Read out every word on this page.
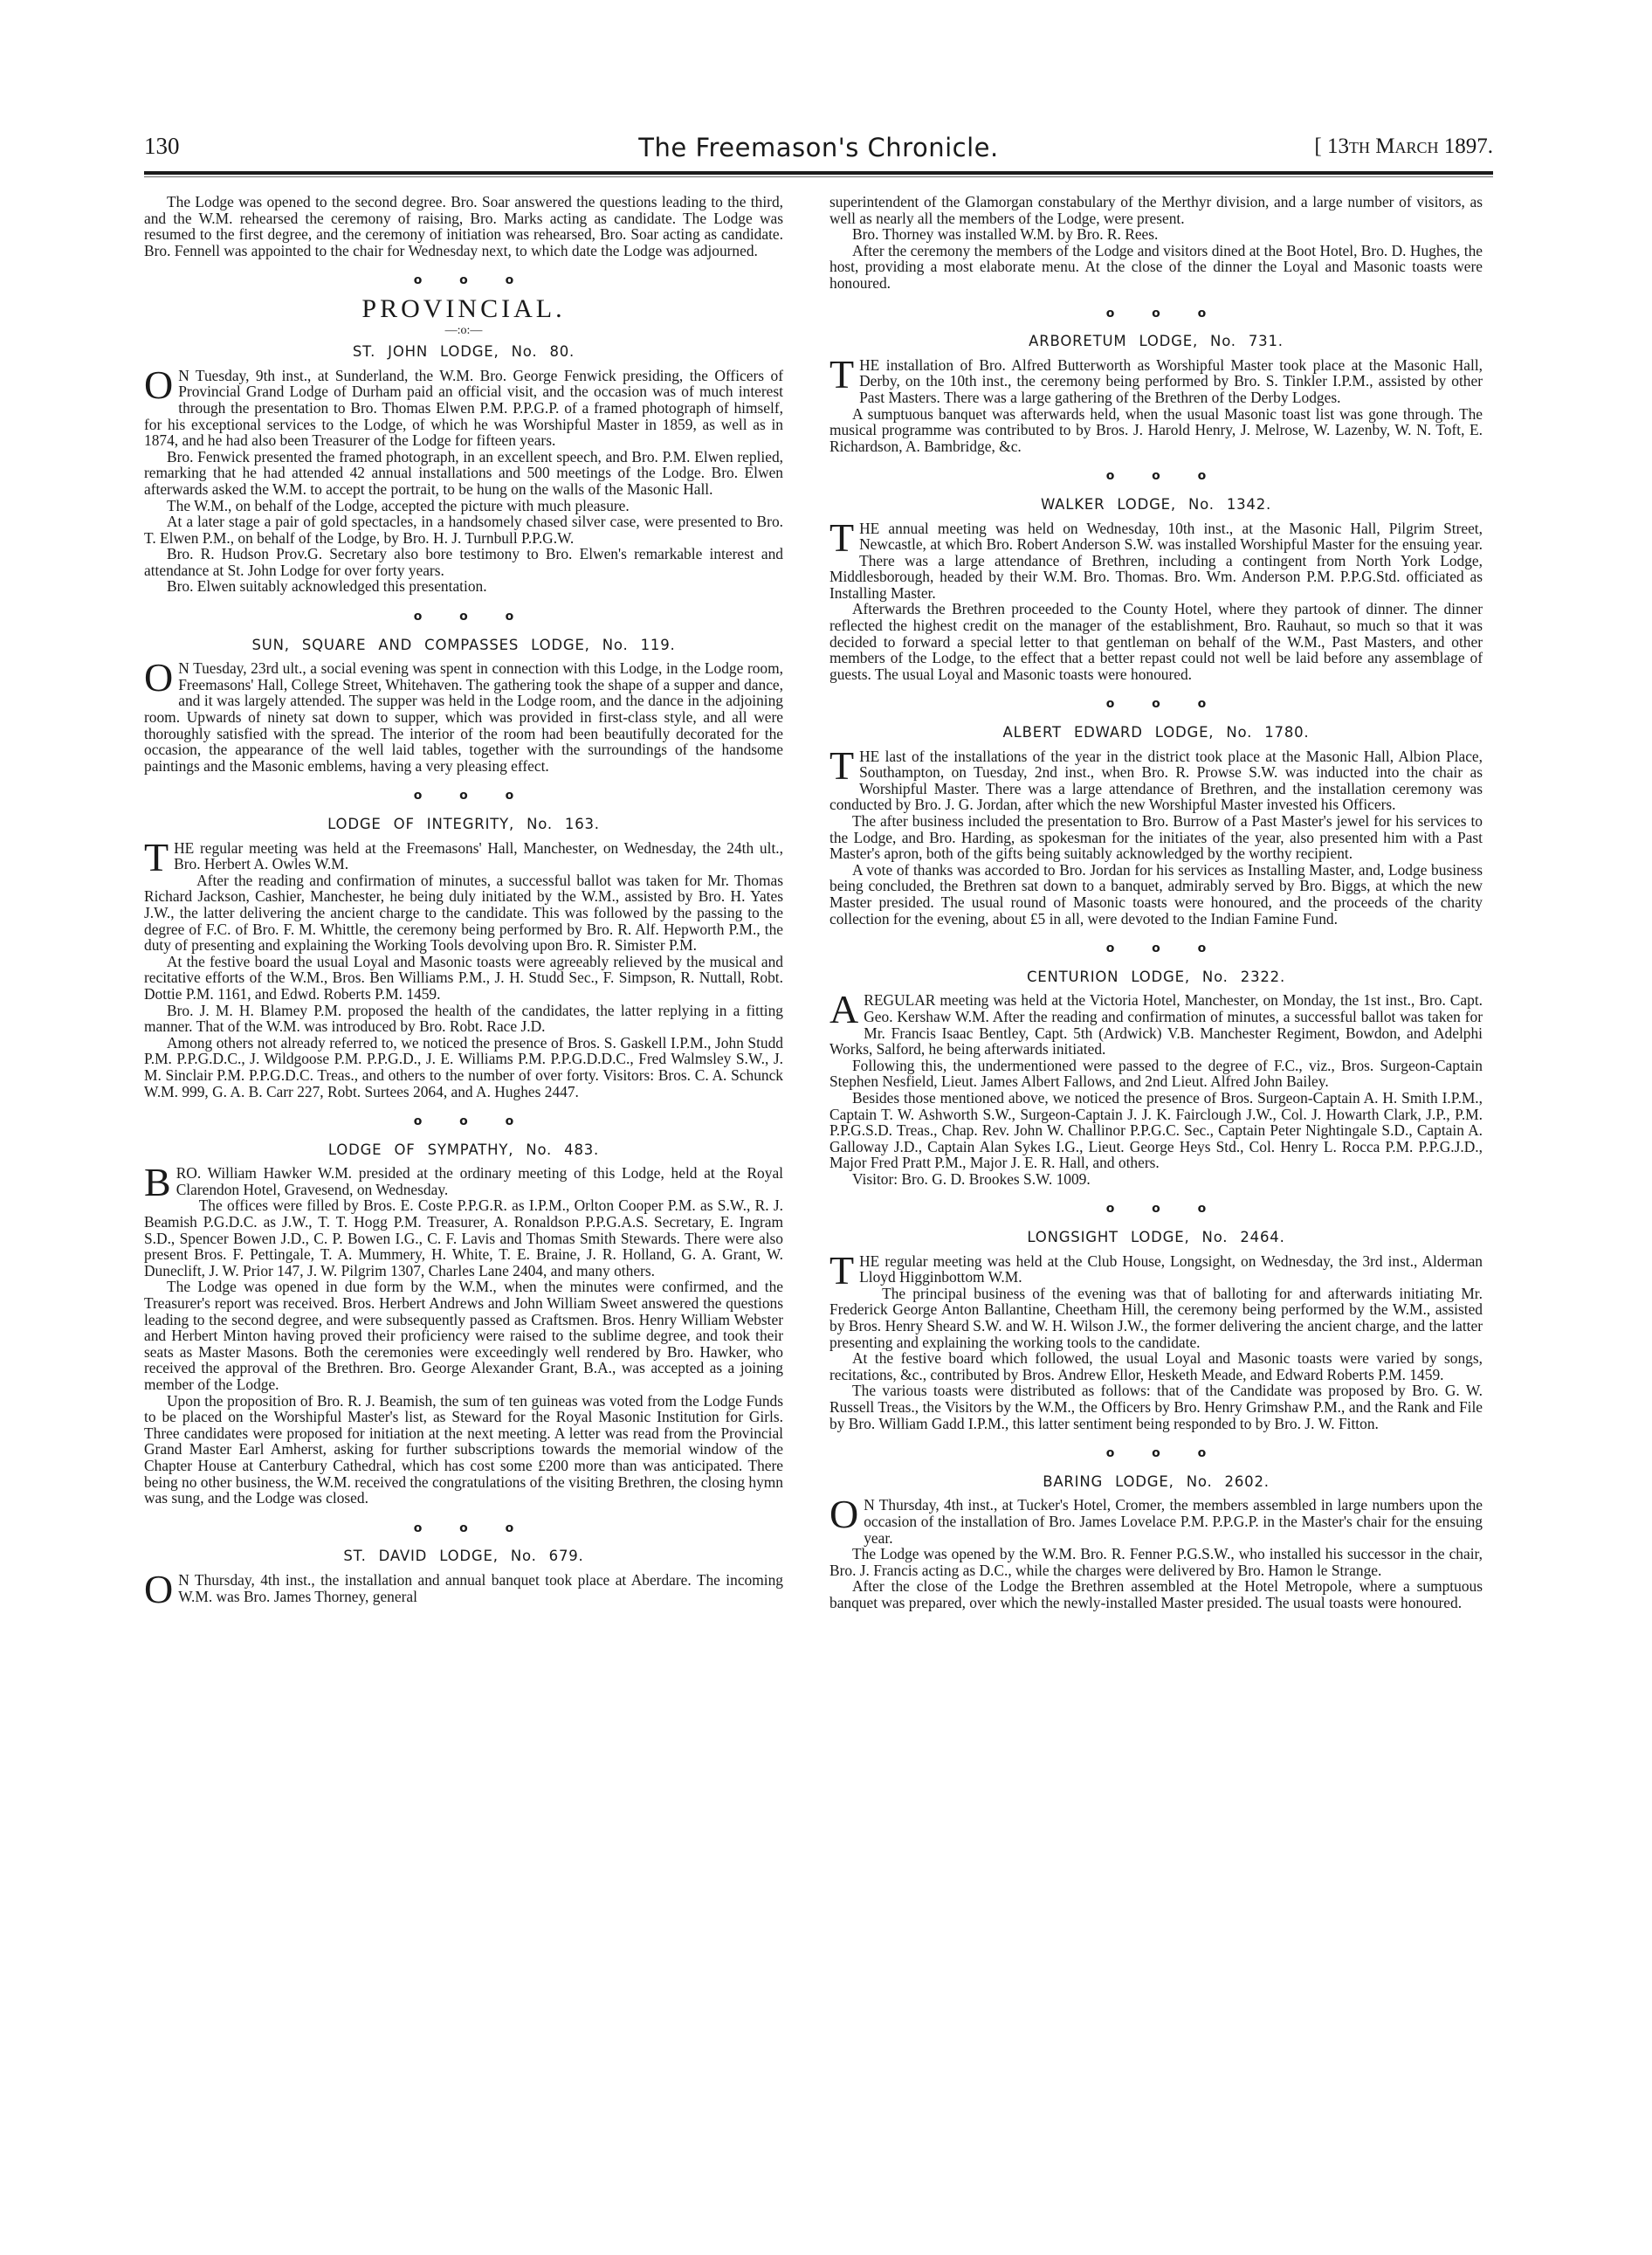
130	The Freemason's Chronicle.	[ 13TH March 1897.

The Lodge was opened to the second degree. Bro. Soar answered the questions leading to the third, and the W.M. rehearsed the ceremony of raising, Bro. Marks acting as candidate. The Lodge was resumed to the first degree, and the ceremony of initiation was rehearsed, Bro. Soar acting as candidate. Bro. Fennell was appointed to the chair for Wednesday next, to which date the Lodge was adjourned.

o o o
PROVINCIAL.
—:o:—
ST. JOHN LODGE, No. 80.

O N Tuesday, 9th inst., at Sunderland, the W.M. Bro. George Fenwick presiding, the Officers of Provincial Grand Lodge of Durham paid an official visit, and the occasion was of much interest through the presentation to Bro. Thomas Elwen P.M. P.P.G.P. of a framed photograph of himself, for his exceptional services to the Lodge, of which he was Worshipful Master in 1859, as well as in 1874, and he had also been Treasurer of the Lodge for fifteen years.

Bro. Fenwick presented the framed photograph, in an excellent speech, and Bro. P.M. Elwen replied, remarking that he had attended 42 annual installations and 500 meetings of the Lodge. Bro. Elwen afterwards asked the W.M. to accept the portrait, to be hung on the walls of the Masonic Hall.

The W.M., on behalf of the Lodge, accepted the picture with much pleasure.

At a later stage a pair of gold spectacles, in a handsomely chased silver case, were presented to Bro. T. Elwen P.M., on behalf of the Lodge, by Bro. H. J. Turnbull P.P.G.W.

Bro. R. Hudson Prov.G. Secretary also bore testimony to Bro. Elwen's remarkable interest and attendance at St. John Lodge for over forty years.

Bro. Elwen suitably acknowledged this presentation.

o o o
SUN, SQUARE AND COMPASSES LODGE, No. 119.

O N Tuesday, 23rd ult., a social evening was spent in connection with this Lodge, in the Lodge room, Freemasons' Hall, College Street, Whitehaven. The gathering took the shape of a supper and dance, and it was largely attended. The supper was held in the Lodge room, and the dance in the adjoining room. Upwards of ninety sat down to supper, which was provided in first-class style, and all were thoroughly satisfied with the spread. The interior of the room had been beautifully decorated for the occasion, the appearance of the well laid tables, together with the surroundings of the handsome paintings and the Masonic emblems, having a very pleasing effect.

o o o
LODGE OF INTEGRITY, No. 163.

THE regular meeting was held at the Freemasons' Hall, Manchester, on Wednesday, the 24th ult., Bro. Herbert A. Owles W.M.

After the reading and confirmation of minutes, a successful ballot was taken for Mr. Thomas Richard Jackson, Cashier, Manchester, he being duly initiated by the W.M., assisted by Bro. H. Yates J.W., the latter delivering the ancient charge to the candidate. This was followed by the passing to the degree of F.C. of Bro. F. M. Whittle, the ceremony being performed by Bro. R. Alf. Hepworth P.M., the duty of presenting and explaining the Working Tools devolving upon Bro. R. Simister P.M.

At the festive board the usual Loyal and Masonic toasts were agreeably relieved by the musical and recitative efforts of the W.M., Bros. Ben Williams P.M., J. H. Studd Sec., F. Simpson, R. Nuttall, Robt. Dottie P.M. 1161, and Edwd. Roberts P.M. 1459.

Bro. J. M. H. Blamey P.M. proposed the health of the candidates, the latter replying in a fitting manner. That of the W.M. was introduced by Bro. Robt. Race J.D.

Among others not already referred to, we noticed the presence of Bros. S. Gaskell I.P.M., John Studd P.M. P.P.G.D.C., J. Wildgoose P.M. P.P.G.D., J. E. Williams P.M. P.P.G.D.D.C., Fred Walmsley S.W., J. M. Sinclair P.M. P.P.G.D.C. Treas., and others to the number of over forty. Visitors: Bros. C. A. Schunck W.M. 999, G. A. B. Carr 227, Robt. Surtees 2064, and A. Hughes 2447.

o o o
LODGE OF SYMPATHY, No. 483.

BRO. William Hawker W.M. presided at the ordinary meeting of this Lodge, held at the Royal Clarendon Hotel, Gravesend, on Wednesday.

The offices were filled by Bros. E. Coste P.P.G.R. as I.P.M., Orlton Cooper P.M. as S.W., R. J. Beamish P.G.D.C. as J.W., T. T. Hogg P.M. Treasurer, A. Ronaldson P.P.G.A.S. Secretary, E. Ingram S.D., Spencer Bowen J.D., C. P. Bowen I.G., C. F. Lavis and Thomas Smith Stewards. There were also present Bros. F. Pettingale, T. A. Mummery, H. White, T. E. Braine, J. R. Holland, G. A. Grant, W. Duneclift, J. W. Prior 147, J. W. Pilgrim 1307, Charles Lane 2404, and many others.

The Lodge was opened in due form by the W.M., when the minutes were confirmed, and the Treasurer's report was received. Bros. Herbert Andrews and John William Sweet answered the questions leading to the second degree, and were subsequently passed as Craftsmen. Bros. Henry William Webster and Herbert Minton having proved their proficiency were raised to the sublime degree, and took their seats as Master Masons. Both the ceremonies were exceedingly well rendered by Bro. Hawker, who received the approval of the Brethren. Bro. George Alexander Grant, B.A., was accepted as a joining member of the Lodge.

Upon the proposition of Bro. R. J. Beamish, the sum of ten guineas was voted from the Lodge Funds to be placed on the Worshipful Master's list, as Steward for the Royal Masonic Institution for Girls. Three candidates were proposed for initiation at the next meeting. A letter was read from the Provincial Grand Master Earl Amherst, asking for further subscriptions towards the memorial window of the Chapter House at Canterbury Cathedral, which has cost some £200 more than was anticipated. There being no other business, the W.M. received the congratulations of the visiting Brethren, the closing hymn was sung, and the Lodge was closed.

o o o
ST. DAVID LODGE, No. 679.

O N Thursday, 4th inst., the installation and annual banquet took place at Aberdare. The incoming W.M. was Bro. James Thorney, general

superintendent of the Glamorgan constabulary of the Merthyr division, and a large number of visitors, as well as nearly all the members of the Lodge, were present.

Bro. Thorney was installed W.M. by Bro. R. Rees.

After the ceremony the members of the Lodge and visitors dined at the Boot Hotel, Bro. D. Hughes, the host, providing a most elaborate menu. At the close of the dinner the Loyal and Masonic toasts were honoured.

o o o
ARBORETUM LODGE, No. 731.

THE installation of Bro. Alfred Butterworth as Worshipful Master took place at the Masonic Hall, Derby, on the 10th inst., the ceremony being performed by Bro. S. Tinkler I.P.M., assisted by other Past Masters. There was a large gathering of the Brethren of the Derby Lodges.

A sumptuous banquet was afterwards held, when the usual Masonic toast list was gone through. The musical programme was contributed to by Bros. J. Harold Henry, J. Melrose, W. Lazenby, W. N. Toft, E. Richardson, A. Bambridge, &c.

o o o
WALKER LODGE, No. 1342.

THE annual meeting was held on Wednesday, 10th inst., at the Masonic Hall, Pilgrim Street, Newcastle, at which Bro. Robert Anderson S.W. was installed Worshipful Master for the ensuing year. There was a large attendance of Brethren, including a contingent from North York Lodge, Middlesborough, headed by their W.M. Bro. Thomas. Bro. Wm. Anderson P.M. P.P.G.Std. officiated as Installing Master.

Afterwards the Brethren proceeded to the County Hotel, where they partook of dinner. The dinner reflected the highest credit on the manager of the establishment, Bro. Rauhaut, so much so that it was decided to forward a special letter to that gentleman on behalf of the W.M., Past Masters, and other members of the Lodge, to the effect that a better repast could not well be laid before any assemblage of guests. The usual Loyal and Masonic toasts were honoured.

o o o
ALBERT EDWARD LODGE, No. 1780.

THE last of the installations of the year in the district took place at the Masonic Hall, Albion Place, Southampton, on Tuesday, 2nd inst., when Bro. R. Prowse S.W. was inducted into the chair as Worshipful Master. There was a large attendance of Brethren, and the installation ceremony was conducted by Bro. J. G. Jordan, after which the new Worshipful Master invested his Officers.

The after business included the presentation to Bro. Burrow of a Past Master's jewel for his services to the Lodge, and Bro. Harding, as spokesman for the initiates of the year, also presented him with a Past Master's apron, both of the gifts being suitably acknowledged by the worthy recipient.

A vote of thanks was accorded to Bro. Jordan for his services as Installing Master, and, Lodge business being concluded, the Brethren sat down to a banquet, admirably served by Bro. Biggs, at which the new Master presided. The usual round of Masonic toasts were honoured, and the proceeds of the charity collection for the evening, about £5 in all, were devoted to the Indian Famine Fund.

o o o
CENTURION LODGE, No. 2322.

AREGULAR meeting was held at the Victoria Hotel, Manchester, on Monday, the 1st inst., Bro. Capt. Geo. Kershaw W.M. After the reading and confirmation of minutes, a successful ballot was taken for Mr. Francis Isaac Bentley, Capt. 5th (Ardwick) V.B. Manchester Regiment, Bowdon, and Adelphi Works, Salford, he being afterwards initiated.

Following this, the undermentioned were passed to the degree of F.C., viz., Bros. Surgeon-Captain Stephen Nesfield, Lieut. James Albert Fallows, and 2nd Lieut. Alfred John Bailey.

Besides those mentioned above, we noticed the presence of Bros. Surgeon-Captain A. H. Smith I.P.M., Captain T. W. Ashworth S.W., Surgeon-Captain J. J. K. Fairclough J.W., Col. J. Howarth Clark, J.P., P.M. P.P.G.S.D. Treas., Chap. Rev. John W. Challinor P.P.G.C. Sec., Captain Peter Nightingale S.D., Captain A. Galloway J.D., Captain Alan Sykes I.G., Lieut. George Heys Std., Col. Henry L. Rocca P.M. P.P.G.J.D., Major Fred Pratt P.M., Major J. E. R. Hall, and others.

Visitor: Bro. G. D. Brookes S.W. 1009.

o o o
LONGSIGHT LODGE, No. 2464.

THE regular meeting was held at the Club House, Longsight, on Wednesday, the 3rd inst., Alderman Lloyd Higginbottom W.M.

The principal business of the evening was that of balloting for and afterwards initiating Mr. Frederick George Anton Ballantine, Cheetham Hill, the ceremony being performed by the W.M., assisted by Bros. Henry Sheard S.W. and W. H. Wilson J.W., the former delivering the ancient charge, and the latter presenting and explaining the working tools to the candidate.

At the festive board which followed, the usual Loyal and Masonic toasts were varied by songs, recitations, &c., contributed by Bros. Andrew Ellor, Hesketh Meade, and Edward Roberts P.M. 1459.

The various toasts were distributed as follows: that of the Candidate was proposed by Bro. G. W. Russell Treas., the Visitors by the W.M., the Officers by Bro. Henry Grimshaw P.M., and the Rank and File by Bro. William Gadd I.P.M., this latter sentiment being responded to by Bro. J. W. Fitton.

o o o
BARING LODGE, No. 2602.

O N Thursday, 4th inst., at Tucker's Hotel, Cromer, the members assembled in large numbers upon the occasion of the installation of Bro. James Lovelace P.M. P.P.G.P. in the Master's chair for the ensuing year.

The Lodge was opened by the W.M. Bro. R. Fenner P.G.S.W., who installed his successor in the chair, Bro. J. Francis acting as D.C., while the charges were delivered by Bro. Hamon le Strange.

After the close of the Lodge the Brethren assembled at the Hotel Metropole, where a sumptuous banquet was prepared, over which the newly-installed Master presided. The usual toasts were honoured.
